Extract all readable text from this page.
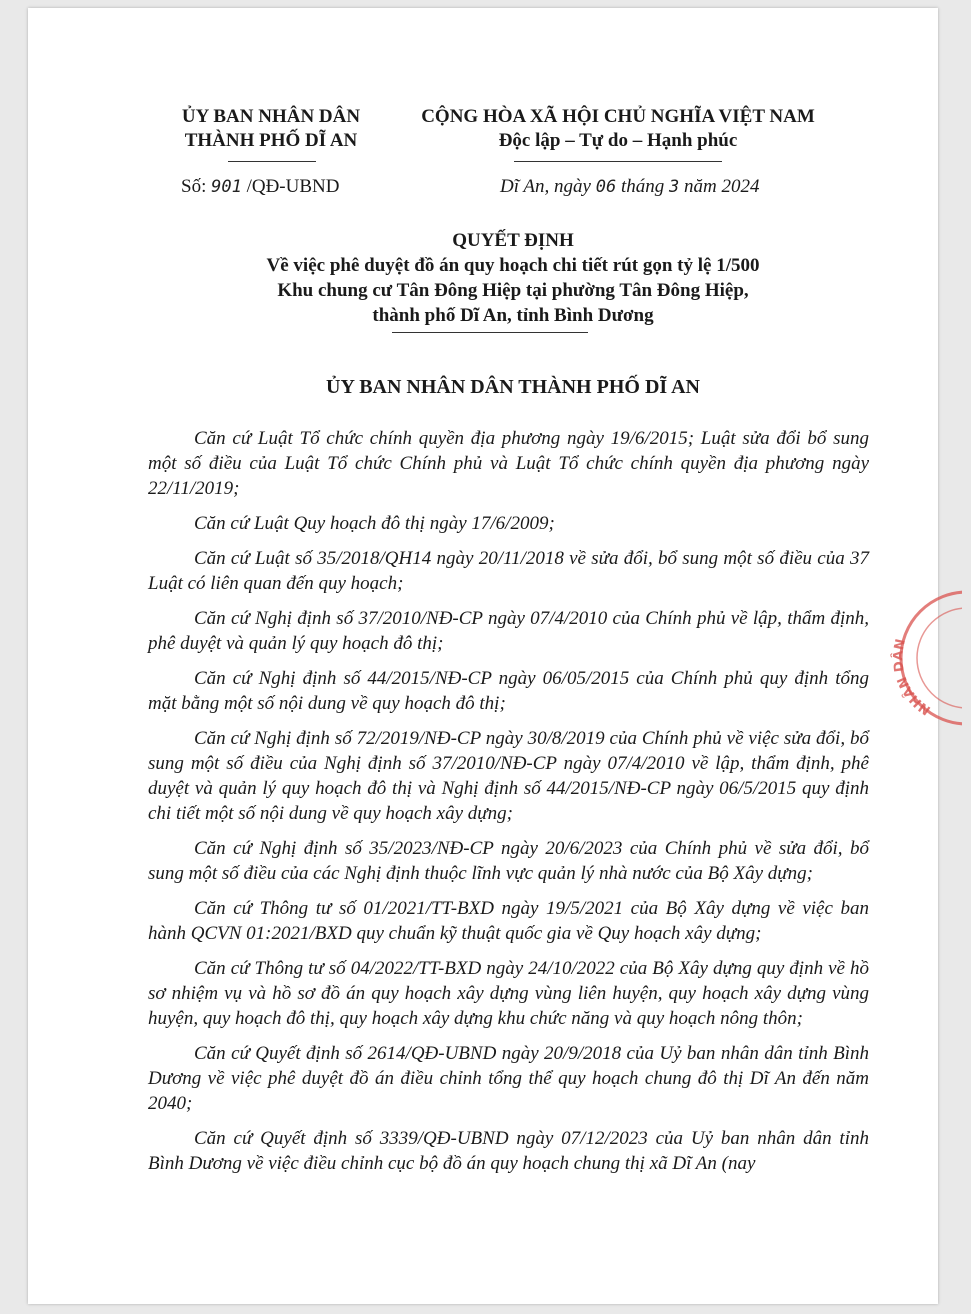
ỦY BAN NHÂN DÂN
THÀNH PHỐ DĨ AN
CỘNG HÒA XÃ HỘI CHỦ NGHĨA VIỆT NAM
Độc lập – Tự do – Hạnh phúc
Số: 901 /QĐ-UBND	Dĩ An, ngày 06 tháng 3 năm 2024
QUYẾT ĐỊNH
Về việc phê duyệt đồ án quy hoạch chi tiết rút gọn tỷ lệ 1/500
Khu chung cư Tân Đông Hiệp tại phường Tân Đông Hiệp,
thành phố Dĩ An, tỉnh Bình Dương
ỦY BAN NHÂN DÂN THÀNH PHỐ DĨ AN

Căn cứ Luật Tổ chức chính quyền địa phương ngày 19/6/2015; Luật sửa đổi bổ sung một số điều của Luật Tổ chức Chính phủ và Luật Tổ chức chính quyền địa phương ngày 22/11/2019;

Căn cứ Luật Quy hoạch đô thị ngày 17/6/2009;

Căn cứ Luật số 35/2018/QH14 ngày 20/11/2018 về sửa đổi, bổ sung một số điều của 37 Luật có liên quan đến quy hoạch;

Căn cứ Nghị định số 37/2010/NĐ-CP ngày 07/4/2010 của Chính phủ về lập, thẩm định, phê duyệt và quản lý quy hoạch đô thị;

Căn cứ Nghị định số 44/2015/NĐ-CP ngày 06/05/2015 của Chính phủ quy định tổng mặt bằng một số nội dung về quy hoạch đô thị;

Căn cứ Nghị định số 72/2019/NĐ-CP ngày 30/8/2019 của Chính phủ về việc sửa đổi, bổ sung một số điều của Nghị định số 37/2010/NĐ-CP ngày 07/4/2010 về lập, thẩm định, phê duyệt và quản lý quy hoạch đô thị và Nghị định số 44/2015/NĐ-CP ngày 06/5/2015 quy định chi tiết một số nội dung về quy hoạch xây dựng;

Căn cứ Nghị định số 35/2023/NĐ-CP ngày 20/6/2023 của Chính phủ về sửa đổi, bổ sung một số điều của các Nghị định thuộc lĩnh vực quản lý nhà nước của Bộ Xây dựng;

Căn cứ Thông tư số 01/2021/TT-BXD ngày 19/5/2021 của Bộ Xây dựng về việc ban hành QCVN 01:2021/BXD quy chuẩn kỹ thuật quốc gia về Quy hoạch xây dựng;

Căn cứ Thông tư số 04/2022/TT-BXD ngày 24/10/2022 của Bộ Xây dựng quy định về hồ sơ nhiệm vụ và hồ sơ đồ án quy hoạch xây dựng vùng liên huyện, quy hoạch xây dựng vùng huyện, quy hoạch đô thị, quy hoạch xây dựng khu chức năng và quy hoạch nông thôn;

Căn cứ Quyết định số 2614/QĐ-UBND ngày 20/9/2018 của Uỷ ban nhân dân tỉnh Bình Dương về việc phê duyệt đồ án điều chỉnh tổng thể quy hoạch chung đô thị Dĩ An đến năm 2040;

Căn cứ Quyết định số 3339/QĐ-UBND ngày 07/12/2023 của Uỷ ban nhân dân tỉnh Bình Dương về việc điều chỉnh cục bộ đồ án quy hoạch chung thị xã Dĩ An (nay

NHÂN DÂN
